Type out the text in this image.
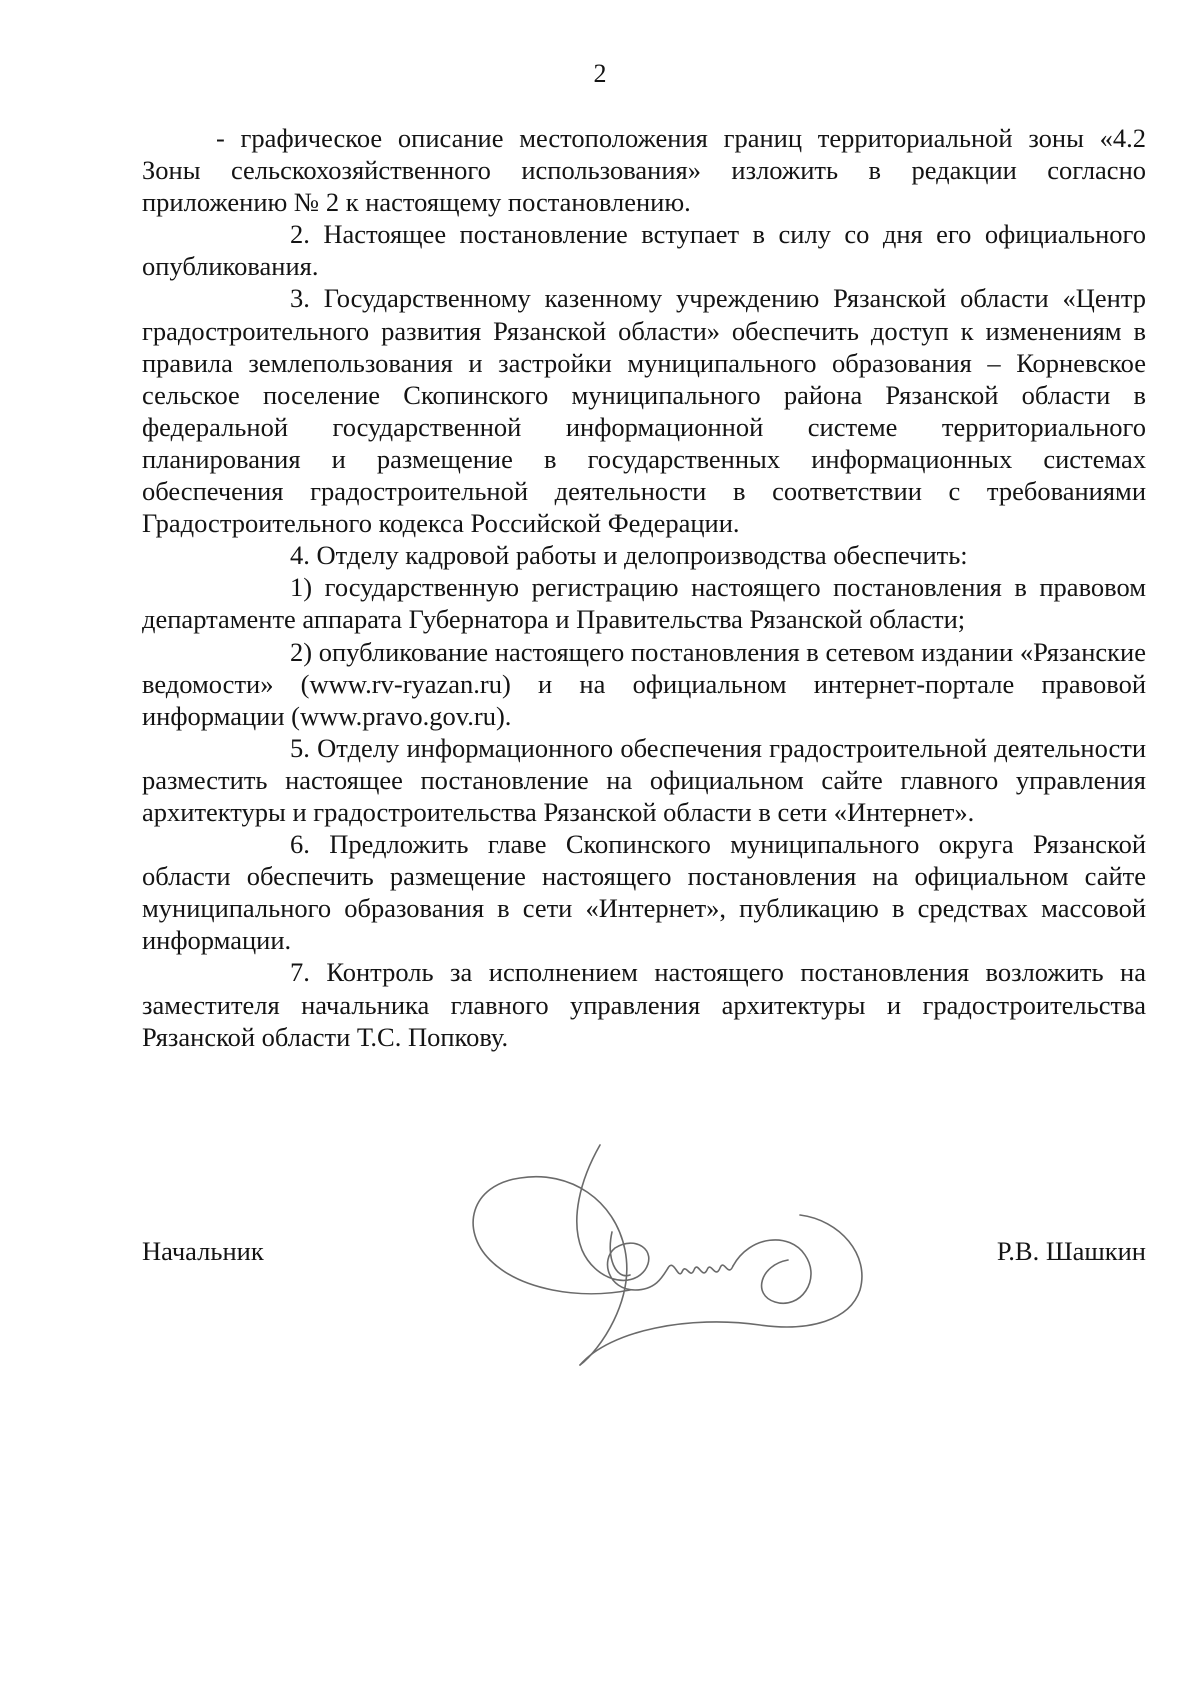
2

- графическое описание местоположения границ территориальной зоны «4.2 Зоны сельскохозяйственного использования» изложить в редакции согласно приложению № 2 к настоящему постановлению.

2. Настоящее постановление вступает в силу со дня его официального опубликования.

3. Государственному казенному учреждению Рязанской области «Центр градостроительного развития Рязанской области» обеспечить доступ к изменениям в правила землепользования и застройки муниципального образования – Корневское сельское поселение Скопинского муниципального района Рязанской области в федеральной государственной информационной системе территориального планирования и размещение в государственных информационных системах обеспечения градостроительной деятельности в соответствии с требованиями Градостроительного кодекса Российской Федерации.

4. Отделу кадровой работы и делопроизводства обеспечить:

1) государственную регистрацию настоящего постановления в правовом департаменте аппарата Губернатора и Правительства Рязанской области;

2) опубликование настоящего постановления в сетевом издании «Рязанские ведомости» (www.rv-ryazan.ru) и на официальном интернет-портале правовой информации (www.pravo.gov.ru).

5. Отделу информационного обеспечения градостроительной деятельности разместить настоящее постановление на официальном сайте главного управления архитектуры и градостроительства Рязанской области в сети «Интернет».

6. Предложить главе Скопинского муниципального округа Рязанской области обеспечить размещение настоящего постановления на официальном сайте муниципального образования в сети «Интернет», публикацию в средствах массовой информации.

7. Контроль за исполнением настоящего постановления возложить на заместителя начальника главного управления архитектуры и градостроительства Рязанской области Т.С. Попкову.

Начальник	Р.В. Шашкин
